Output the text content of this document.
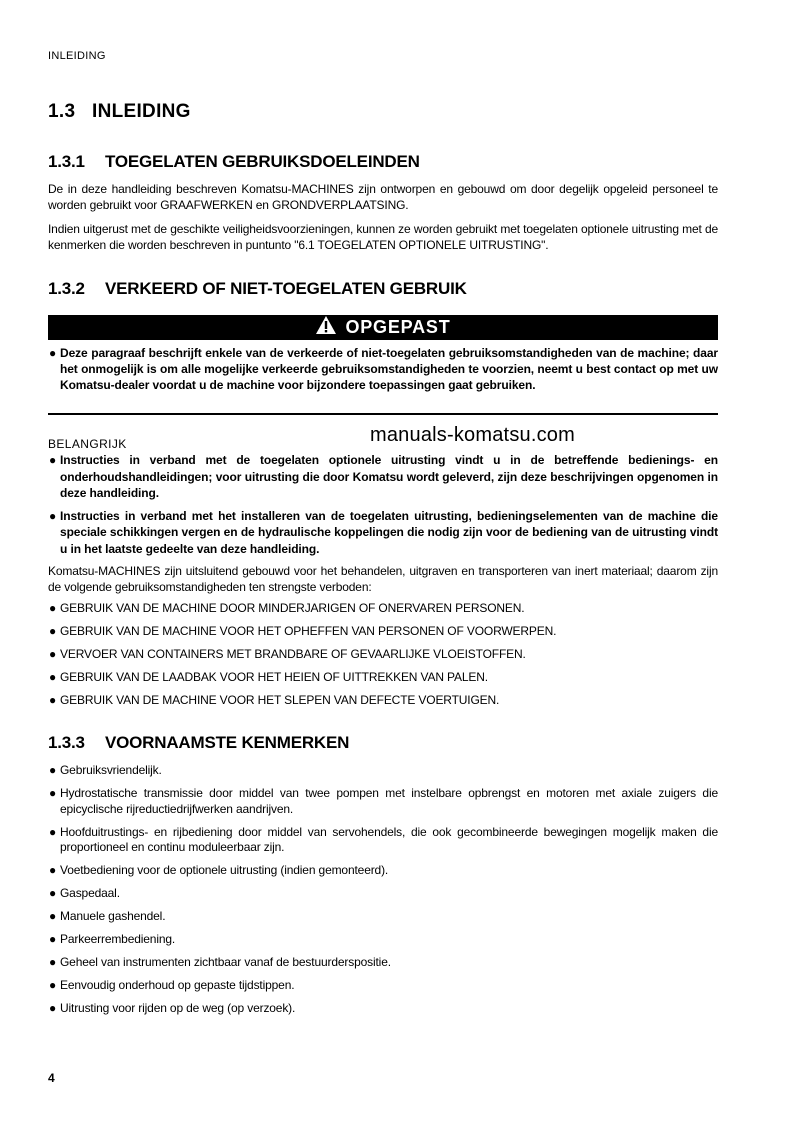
INLEIDING
1.3 INLEIDING
1.3.1 TOEGELATEN GEBRUIKSDOELEINDEN
De in deze handleiding beschreven Komatsu-MACHINES zijn ontworpen en gebouwd om door degelijk opgeleid personeel te worden gebruikt voor GRAAFWERKEN en GRONDVERPLAATSING.
Indien uitgerust met de geschikte veiligheidsvoorzieningen, kunnen ze worden gebruikt met toegelaten optionele uitrusting met de kenmerken die worden beschreven in puntunto "6.1 TOEGELATEN OPTIONELE UITRUSTING".
1.3.2 VERKEERD OF NIET-TOEGELATEN GEBRUIK
OPGEPAST
● Deze paragraaf beschrijft enkele van de verkeerde of niet-toegelaten gebruiksomstandigheden van de machine; daar het onmogelijk is om alle mogelijke verkeerde gebruiksomstandigheden te voorzien, neemt u best contact op met uw Komatsu-dealer voordat u de machine voor bijzondere toepassingen gaat gebruiken.
BELANGRIJK	manuals-komatsu.com
● Instructies in verband met de toegelaten optionele uitrusting vindt u in de betreffende bedienings- en onderhoudshandleidingen; voor uitrusting die door Komatsu wordt geleverd, zijn deze beschrijvingen opgenomen in deze handleiding.
● Instructies in verband met het installeren van de toegelaten uitrusting, bedieningselementen van de machine die speciale schikkingen vergen en de hydraulische koppelingen die nodig zijn voor de bediening van de uitrusting vindt u in het laatste gedeelte van deze handleiding.
Komatsu-MACHINES zijn uitsluitend gebouwd voor het behandelen, uitgraven en transporteren van inert materiaal; daarom zijn de volgende gebruiksomstandigheden ten strengste verboden:
● GEBRUIK VAN DE MACHINE DOOR MINDERJARIGEN OF ONERVAREN PERSONEN.
● GEBRUIK VAN DE MACHINE VOOR HET OPHEFFEN VAN PERSONEN OF VOORWERPEN.
● VERVOER VAN CONTAINERS MET BRANDBARE OF GEVAARLIJKE VLOEISTOFFEN.
● GEBRUIK VAN DE LAADBAK VOOR HET HEIEN OF UITTREKKEN VAN PALEN.
● GEBRUIK VAN DE MACHINE VOOR HET SLEPEN VAN DEFECTE VOERTUIGEN.
1.3.3 VOORNAAMSTE KENMERKEN
● Gebruiksvriendelijk.
● Hydrostatische transmissie door middel van twee pompen met instelbare opbrengst en motoren met axiale zuigers die epicyclische rijreductiedrijfwerken aandrijven.
● Hoofduitrustings- en rijbediening door middel van servohendels, die ook gecombineerde bewegingen mogelijk maken die proportioneel en continu moduleerbaar zijn.
● Voetbediening voor de optionele uitrusting (indien gemonteerd).
● Gaspedaal.
● Manuele gashendel.
● Parkeerrembediening.
● Geheel van instrumenten zichtbaar vanaf de bestuurderspositie.
● Eenvoudig onderhoud op gepaste tijdstippen.
● Uitrusting voor rijden op de weg (op verzoek).
4
